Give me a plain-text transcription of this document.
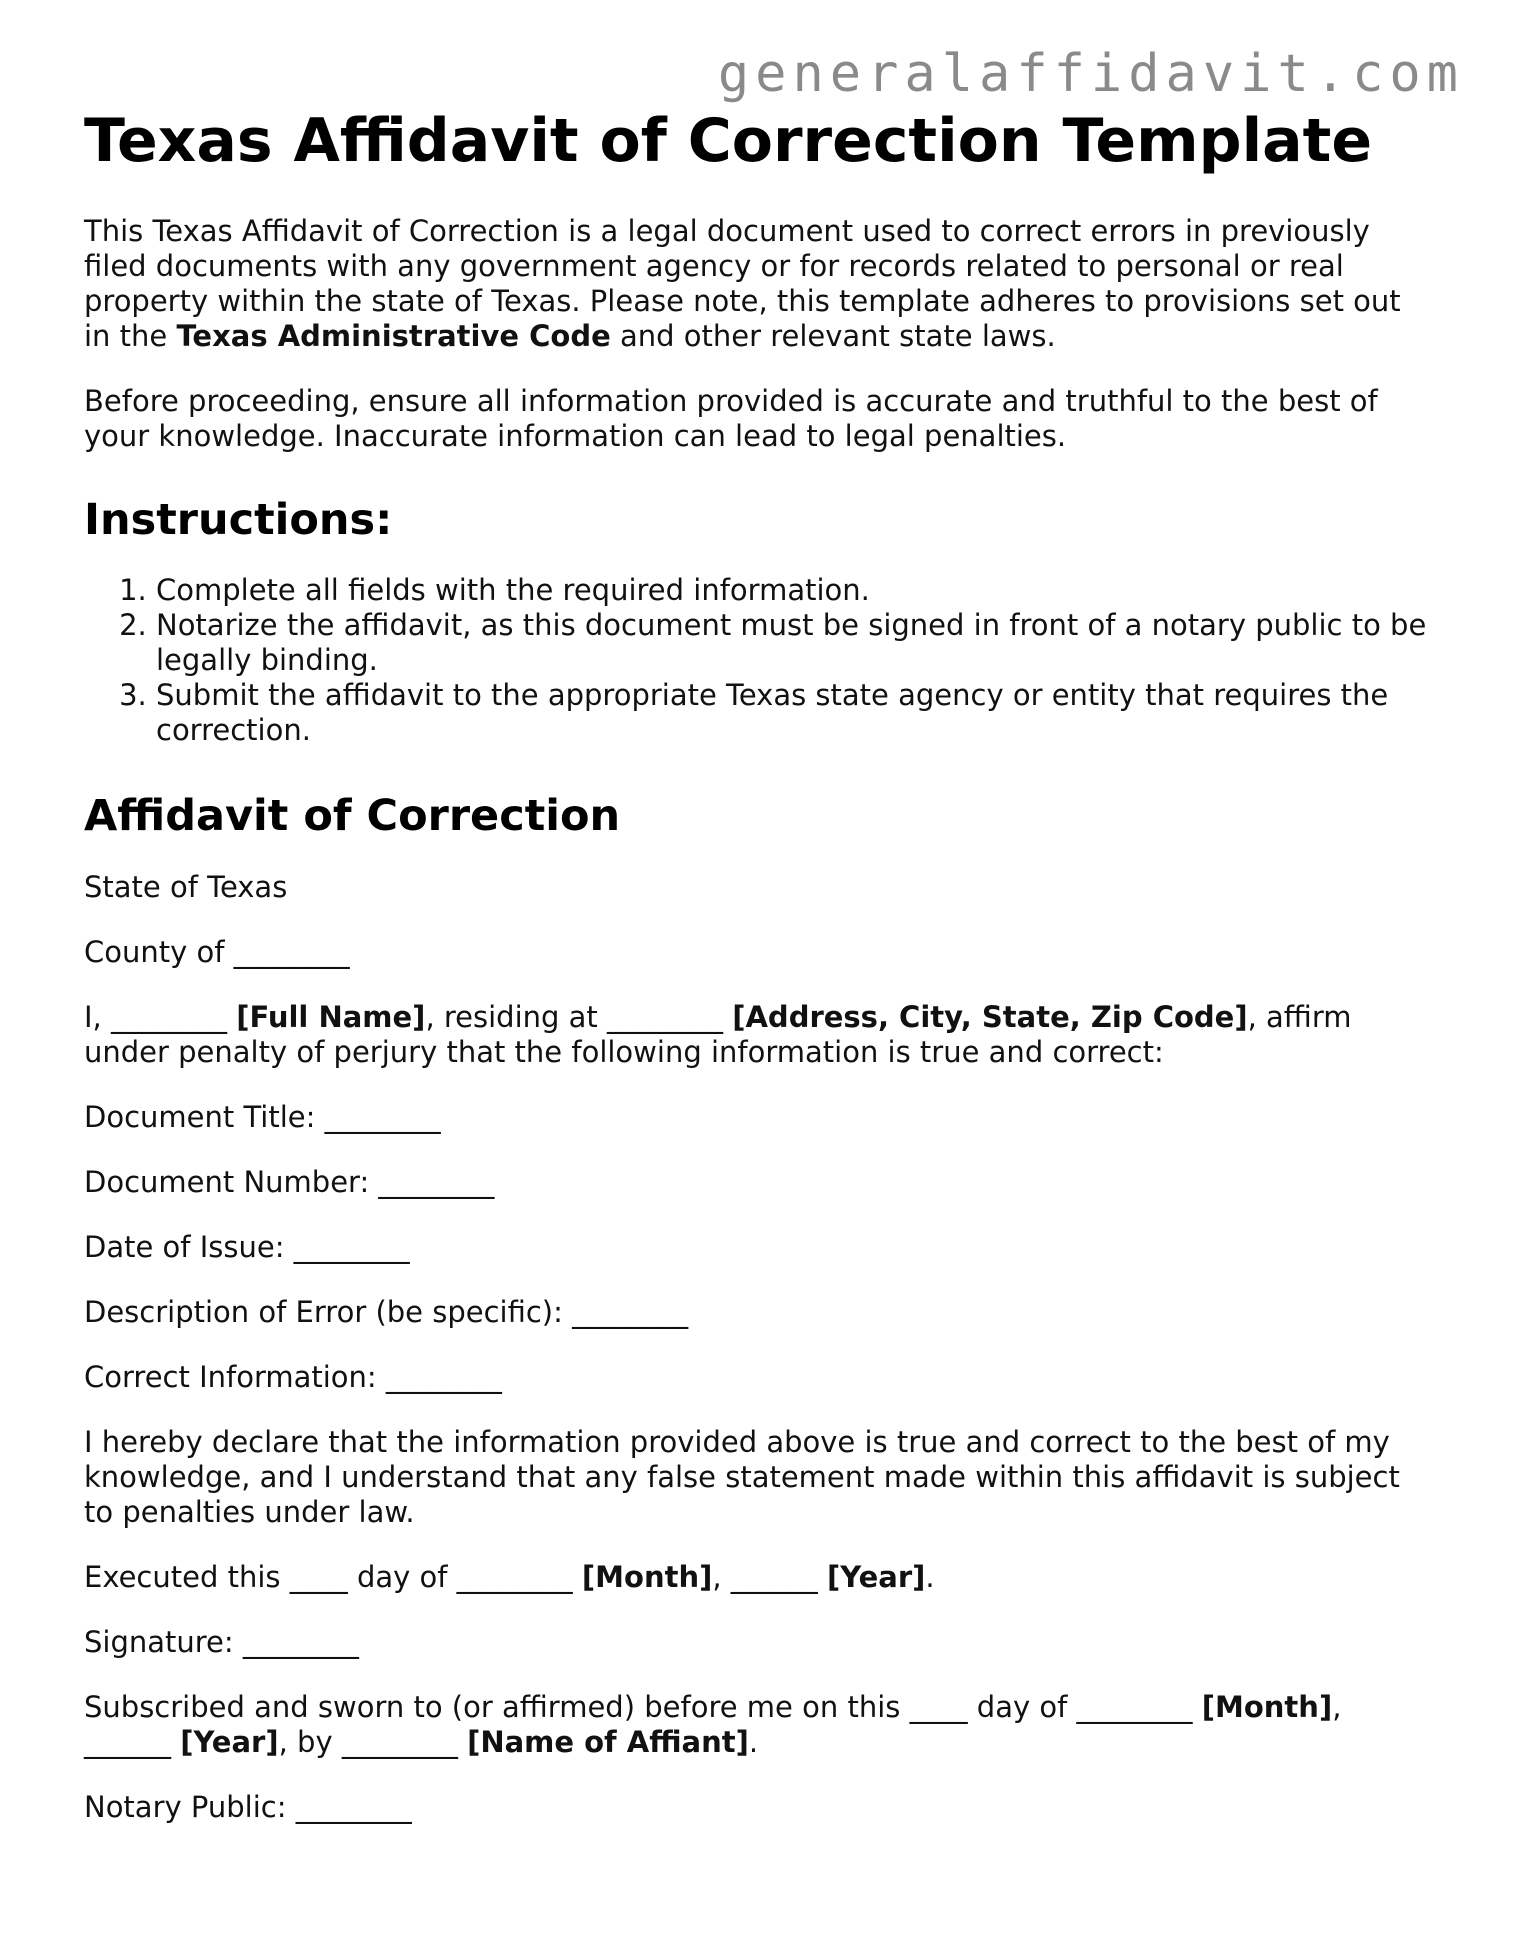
generalaffidavit.com
Texas Affidavit of Correction Template

This Texas Affidavit of Correction is a legal document used to correct errors in previously filed documents with any government agency or for records related to personal or real property within the state of Texas. Please note, this template adheres to provisions set out in the Texas Administrative Code and other relevant state laws.

Before proceeding, ensure all information provided is accurate and truthful to the best of your knowledge. Inaccurate information can lead to legal penalties.

Instructions:
1. Complete all fields with the required information.
2. Notarize the affidavit, as this document must be signed in front of a notary public to be legally binding.
3. Submit the affidavit to the appropriate Texas state agency or entity that requires the correction.
Affidavit of Correction

State of Texas

County of ________

I, ________ [Full Name], residing at ________ [Address, City, State, Zip Code], affirm under penalty of perjury that the following information is true and correct:

Document Title: ________

Document Number: ________

Date of Issue: ________

Description of Error (be specific): ________

Correct Information: ________

I hereby declare that the information provided above is true and correct to the best of my knowledge, and I understand that any false statement made within this affidavit is subject to penalties under law.

Executed this ____ day of ________ [Month], ______ [Year].

Signature: ________

Subscribed and sworn to (or affirmed) before me on this ____ day of ________ [Month], ______ [Year], by ________ [Name of Affiant].

Notary Public: ________
